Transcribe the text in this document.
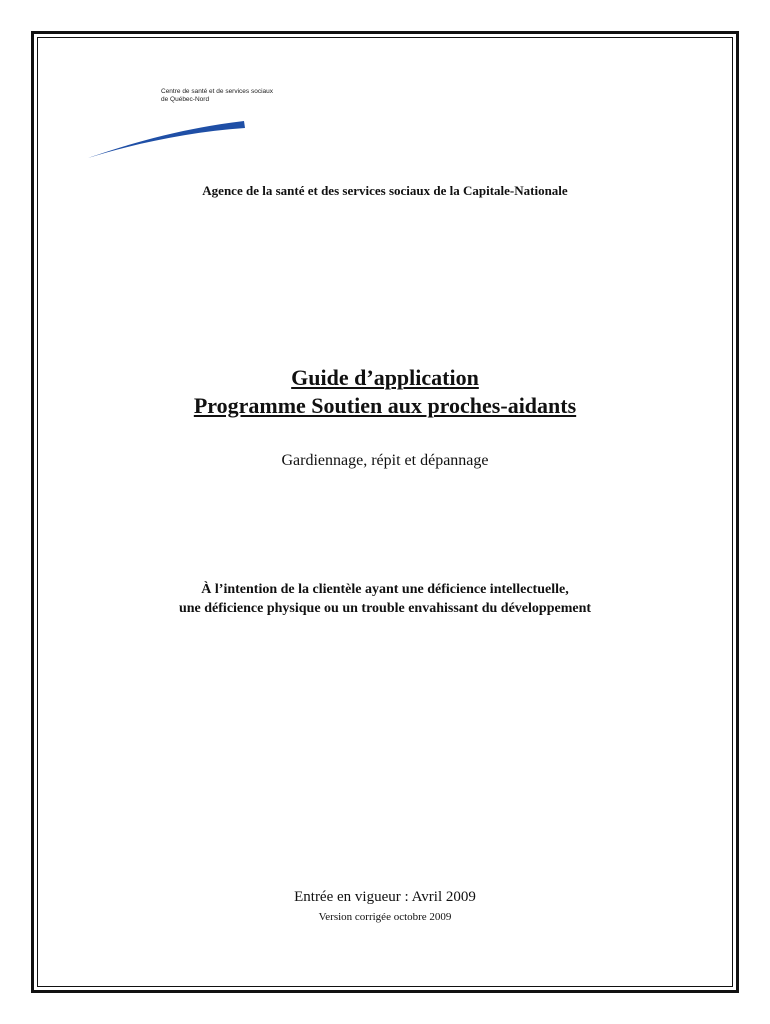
Centre de santé et de services sociaux
de Québec-Nord
Agence de la santé et des services sociaux de la Capitale-Nationale
Guide d’application
Programme Soutien aux proches-aidants
Gardiennage, répit et dépannage
À l’intention de la clientèle ayant une déficience intellectuelle,
une déficience physique ou un trouble envahissant du développement
Entrée en vigueur : Avril 2009
Version corrigée octobre 2009
